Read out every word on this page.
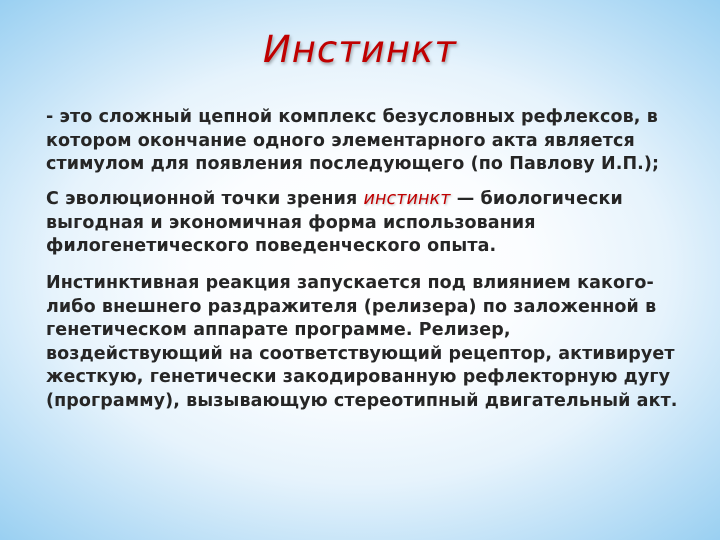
Инстинкт
- это сложный цепной комплекс безусловных рефлексов, в
котором окончание одного элементарного акта является
стимулом для появления последующего (по Павлову И.П.);
С эволюционной точки зрения инстинкт — биологически
выгодная и экономичная форма использования
филогенетического поведенческого опыта.
Инстинктивная реакция запускается под влиянием какого-
либо внешнего раздражителя (релизера) по заложенной в
генетическом аппарате программе. Релизер,
воздействующий на соответствующий рецептор, активирует
жесткую, генетически закодированную рефлекторную дугу
(программу), вызывающую стереотипный двигательный акт.
